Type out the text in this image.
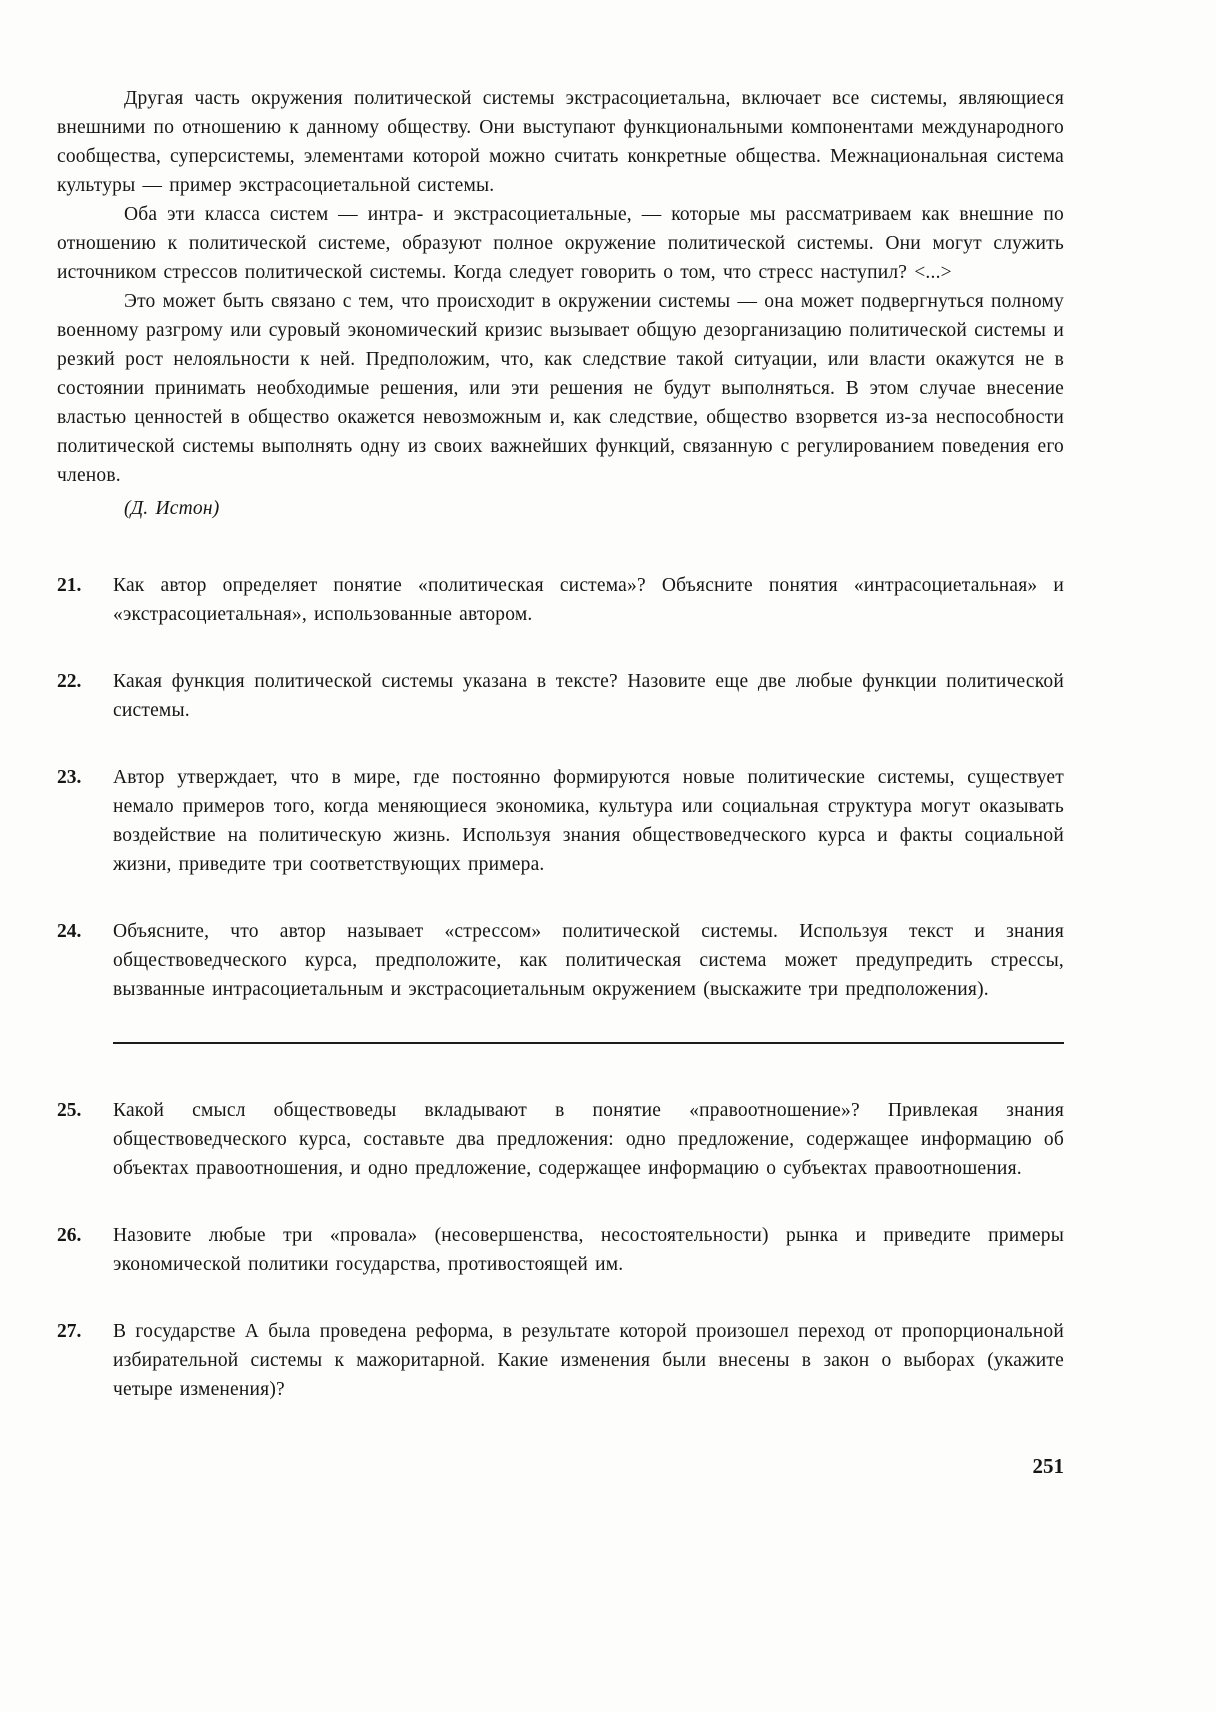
Другая часть окружения политической системы экстрасоциетальна, включает все системы, являющиеся внешними по отношению к данному обществу. Они выступают функциональными компонентами международного сообщества, суперсистемы, элементами которой можно считать конкретные общества. Межнациональная система культуры — пример экстрасоциетальной системы.

Оба эти класса систем — интра- и экстрасоциетальные, — которые мы рассматриваем как внешние по отношению к политической системе, образуют полное окружение политической системы. Они могут служить источником стрессов политической системы. Когда следует говорить о том, что стресс наступил? <...>

Это может быть связано с тем, что происходит в окружении системы — она может подвергнуться полному военному разгрому или суровый экономический кризис вызывает общую дезорганизацию политической системы и резкий рост нелояльности к ней. Предположим, что, как следствие такой ситуации, или власти окажутся не в состоянии принимать необходимые решения, или эти решения не будут выполняться. В этом случае внесение властью ценностей в общество окажется невозможным и, как следствие, общество взорвется из-за неспособности политической системы выполнять одну из своих важнейших функций, связанную с регулированием поведения его членов.

(Д. Истон)

21.	Как автор определяет понятие «политическая система»? Объясните понятия «интрасоциетальная» и «экстрасоциетальная», использованные автором.
22.	Какая функция политической системы указана в тексте? Назовите еще две любые функции политической системы.
23.	Автор утверждает, что в мире, где постоянно формируются новые политические системы, существует немало примеров того, когда меняющиеся экономика, культура или социальная структура могут оказывать воздействие на политическую жизнь. Используя знания обществоведческого курса и факты социальной жизни, приведите три соответствующих примера.
24.	Объясните, что автор называет «стрессом» политической системы. Используя текст и знания обществоведческого курса, предположите, как политическая система может предупредить стрессы, вызванные интрасоциетальным и экстрасоциетальным окружением (выскажите три предположения).
25.	Какой смысл обществоведы вкладывают в понятие «правоотношение»? Привлекая знания обществоведческого курса, составьте два предложения: одно предложение, содержащее информацию об объектах правоотношения, и одно предложение, содержащее информацию о субъектах правоотношения.
26.	Назовите любые три «провала» (несовершенства, несостоятельности) рынка и приведите примеры экономической политики государства, противостоящей им.
27.	В государстве А была проведена реформа, в результате которой произошел переход от пропорциональной избирательной системы к мажоритарной. Какие изменения были внесены в закон о выборах (укажите четыре изменения)?
251
